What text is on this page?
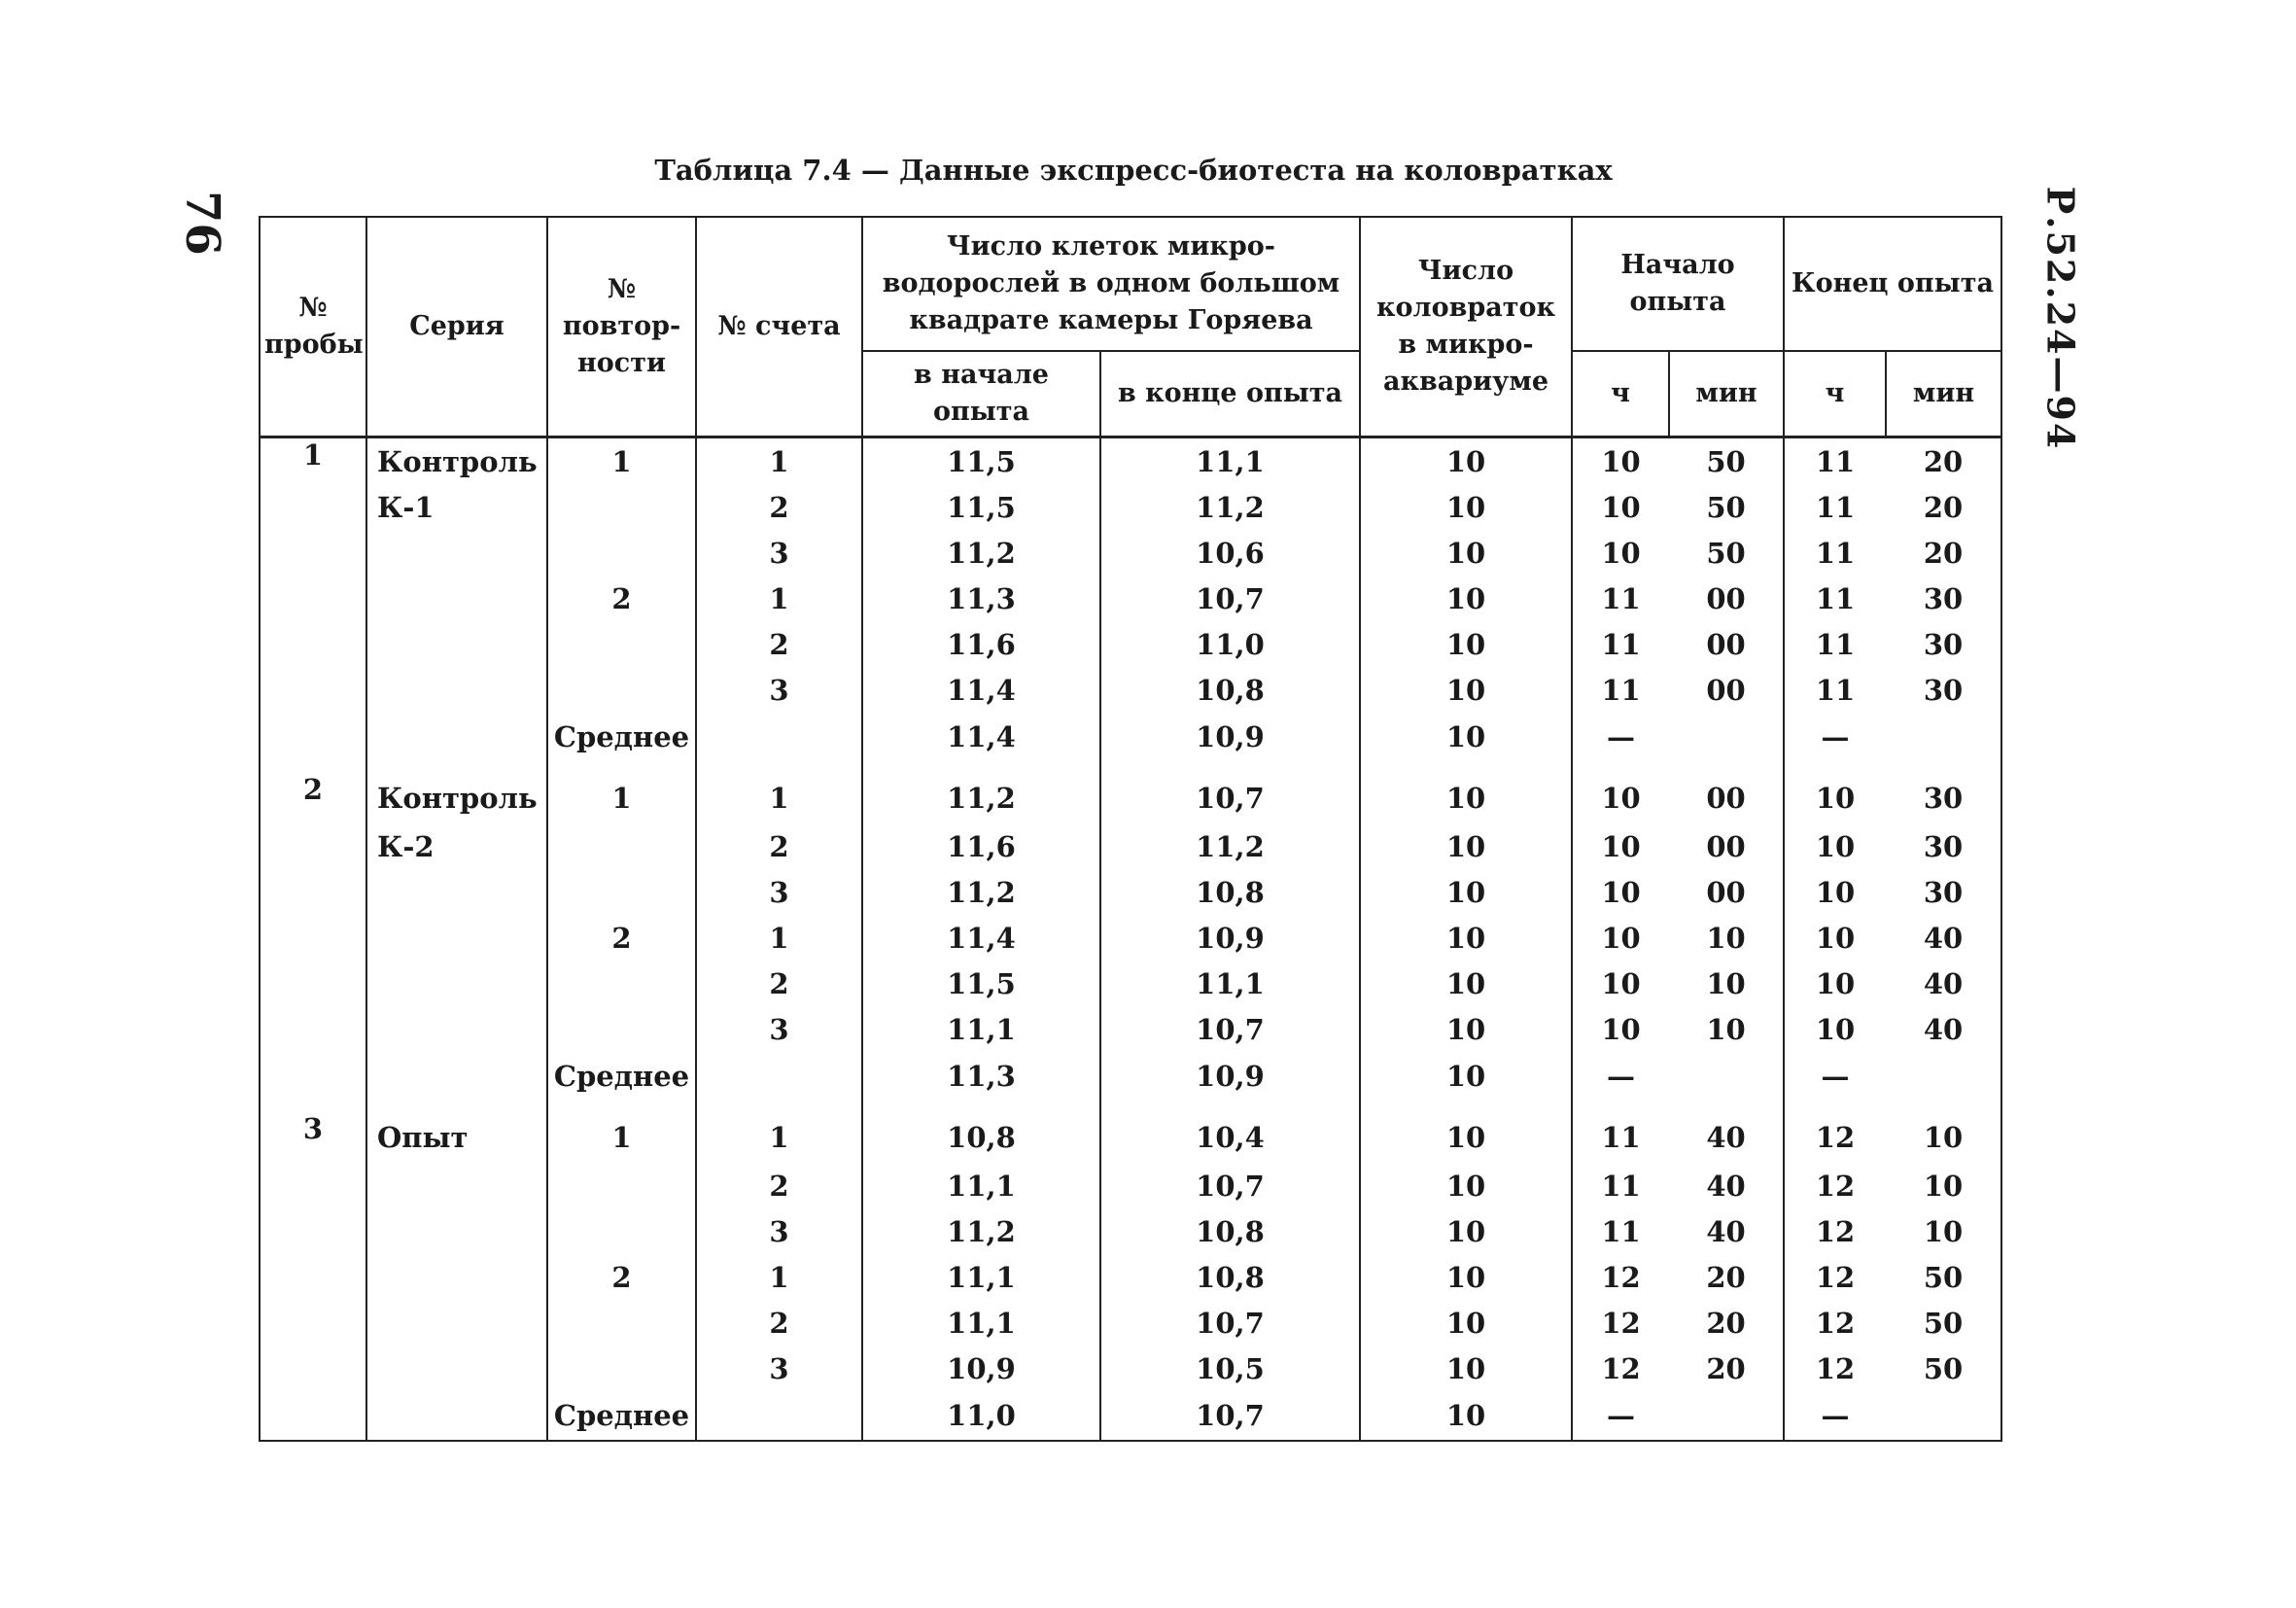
76	Р.52.24—94
Таблица 7.4 — Данные экспресс-биотеста на коловратках
№ пробы	Серия	№ повтор-ности	№ счета	Число клеток микро-водорослей в одном большом квадрате камеры Горяева		Число коловраток в микро-аквариуме	Начало опыта		Конец опыта	
				в начале опыта	в конце опыта		ч	мин	ч	мин
1	Контроль	1	1	11,5	11,1	10	10	50	11	20
	К-1		2	11,5	11,2	10	10	50	11	20
			3	11,2	10,6	10	10	50	11	20
		2	1	11,3	10,7	10	11	00	11	30
			2	11,6	11,0	10	11	00	11	30
			3	11,4	10,8	10	11	00	11	30
		Среднее		11,4	10,9	10	—		—	
2	Контроль	1	1	11,2	10,7	10	10	00	10	30
	К-2		2	11,6	11,2	10	10	00	10	30
			3	11,2	10,8	10	10	00	10	30
		2	1	11,4	10,9	10	10	10	10	40
			2	11,5	11,1	10	10	10	10	40
			3	11,1	10,7	10	10	10	10	40
		Среднее		11,3	10,9	10	—		—	
3	Опыт	1	1	10,8	10,4	10	11	40	12	10
			2	11,1	10,7	10	11	40	12	10
			3	11,2	10,8	10	11	40	12	10
		2	1	11,1	10,8	10	12	20	12	50
			2	11,1	10,7	10	12	20	12	50
			3	10,9	10,5	10	12	20	12	50
		Среднее		11,0	10,7	10	—		—	
